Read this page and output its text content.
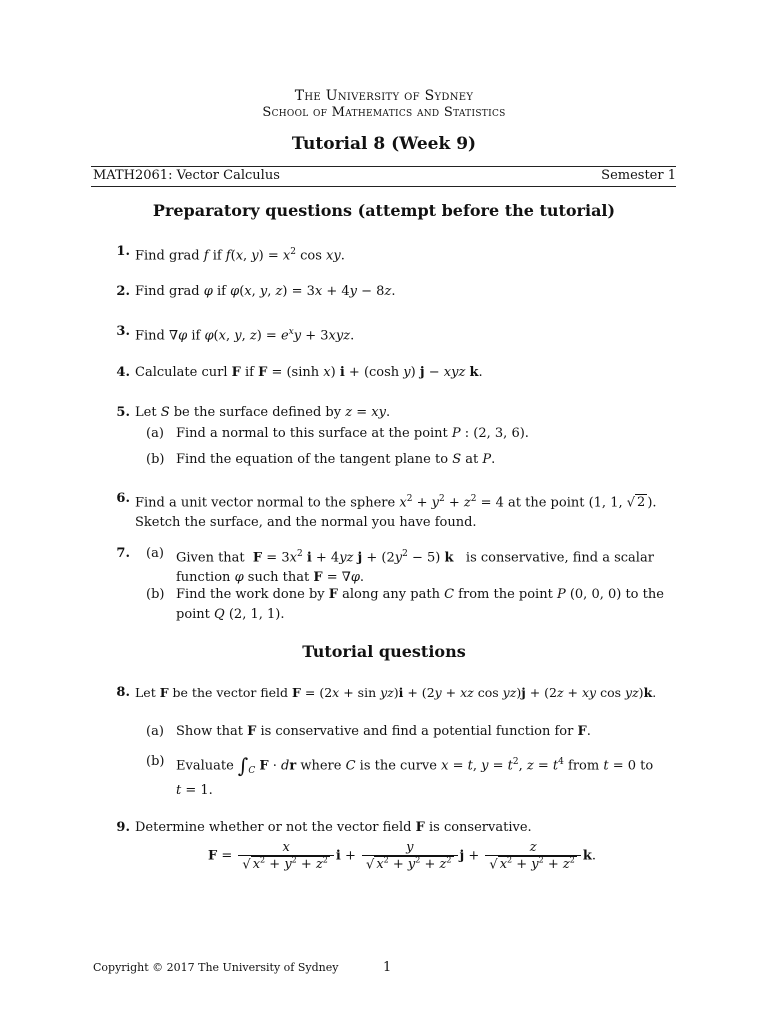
The University of Sydney
School of Mathematics and Statistics
Tutorial 8 (Week 9)
MATH2061: Vector Calculus	Semester 1
Preparatory questions (attempt before the tutorial)
1. Find grad f if f(x, $y) = x^2$ cos xy.
2. Find grad φ if φ(x, y, z) = 3x + 4y − 8z.
3. Find ∇φ if φ(x, y, $z) = e^xy + 3xyz$.
4. Calculate curl F if F = (sinh x) i + (cosh y) j − xyz k.
5. Let S be the surface defined by z = xy.
(a) Find a normal to this surface at the point P : (2, 3, 6).
(b) Find the equation of the tangent plane to S at P.
6. Find a unit vector normal to the sphere $x^2 + y^2 + z^2 = 4$ at the point (1, 1, √ 2 ).
Sketch the surface, and the normal you have found.
(a) Given that  $F = 3x^2$ i + 4yz $j + (2y^2 - 5)$ k   is conservative, find a scalar
function φ such that F = ∇φ.
7.
(b) Find the work done by F along any path C from the point P (0, 0, 0) to the
point Q (2, 1, 1).
Tutorial questions
8. Let F be the vector field F = (2x + sin yz)i + (2y + xz cos yz)j + (2z + xy cos yz)k.
(a) Show that F is conservative and find a potential function for F.
(b) Evaluate $\int_C$ F · dr where C is the curve x = t, $y = t^2$, $z = t^4$ from t = 0 to
t = 1.
9. Determine whether or not the vector field F is conservative.
$F = \frac{x}{√ x^2 + y^2 + z^2}$ $i + \frac{y}{√ x^2 + y^2 + z^2}$ $j + \frac{z}{√ x^2 + y^2 + z^2} k$.
Copyright © 2017 The University of Sydney	1
